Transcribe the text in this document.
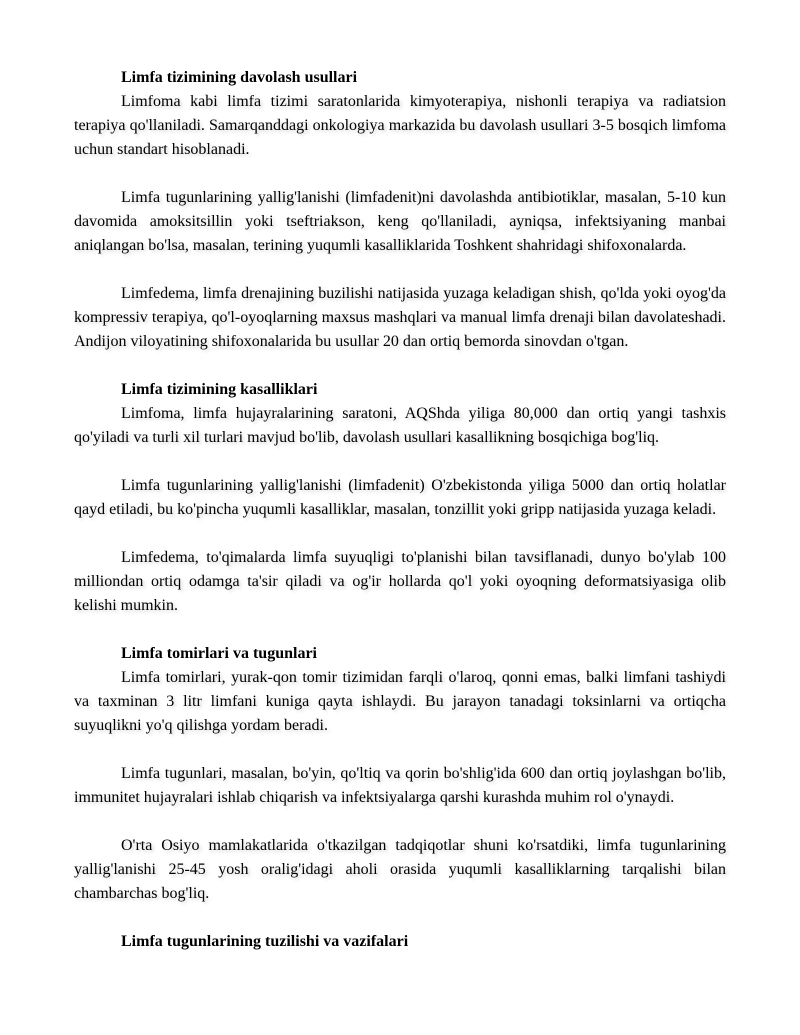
Limfa tizimining davolash usullari

Limfoma kabi limfa tizimi saratonlarida kimyoterapiya, nishonli terapiya va radiatsion terapiya qo'llaniladi. Samarqanddagi onkologiya markazida bu davolash usullari 3-5 bosqich limfoma uchun standart hisoblanadi.

Limfa tugunlarining yallig'lanishi (limfadenit)ni davolashda antibiotiklar, masalan, 5-10 kun davomida amoksitsillin yoki tseftriakson, keng qo'llaniladi, ayniqsa, infektsiyaning manbai aniqlangan bo'lsa, masalan, terining yuqumli kasalliklarida Toshkent shahridagi shifoxonalarda.

Limfedema, limfa drenajining buzilishi natijasida yuzaga keladigan shish, qo'lda yoki oyog'da kompressiv terapiya, qo'l-oyoqlarning maxsus mashqlari va manual limfa drenaji bilan davolateshadi. Andijon viloyatining shifoxonalarida bu usullar 20 dan ortiq bemorda sinovdan o'tgan.

Limfa tizimining kasalliklari

Limfoma, limfa hujayralarining saratoni, AQShda yiliga 80,000 dan ortiq yangi tashxis qo'yiladi va turli xil turlari mavjud bo'lib, davolash usullari kasallikning bosqichiga bog'liq.

Limfa tugunlarining yallig'lanishi (limfadenit) O'zbekistonda yiliga 5000 dan ortiq holatlar qayd etiladi, bu ko'pincha yuqumli kasalliklar, masalan, tonzillit yoki gripp natijasida yuzaga keladi.

Limfedema, to'qimalarda limfa suyuqligi to'planishi bilan tavsiflanadi, dunyo bo'ylab 100 milliondan ortiq odamga ta'sir qiladi va og'ir hollarda qo'l yoki oyoqning deformatsiyasiga olib kelishi mumkin.

Limfa tomirlari va tugunlari

Limfa tomirlari, yurak-qon tomir tizimidan farqli o'laroq, qonni emas, balki limfani tashiydi va taxminan 3 litr limfani kuniga qayta ishlaydi. Bu jarayon tanadagi toksinlarni va ortiqcha suyuqlikni yo'q qilishga yordam beradi.

Limfa tugunlari, masalan, bo'yin, qo'ltiq va qorin bo'shlig'ida 600 dan ortiq joylashgan bo'lib, immunitet hujayralari ishlab chiqarish va infektsiyalarga qarshi kurashda muhim rol o'ynaydi.

O'rta Osiyo mamlakatlarida o'tkazilgan tadqiqotlar shuni ko'rsatdiki, limfa tugunlarining yallig'lanishi 25-45 yosh oralig'idagi aholi orasida yuqumli kasalliklarning tarqalishi bilan chambarchas bog'liq.

Limfa tugunlarining tuzilishi va vazifalari
